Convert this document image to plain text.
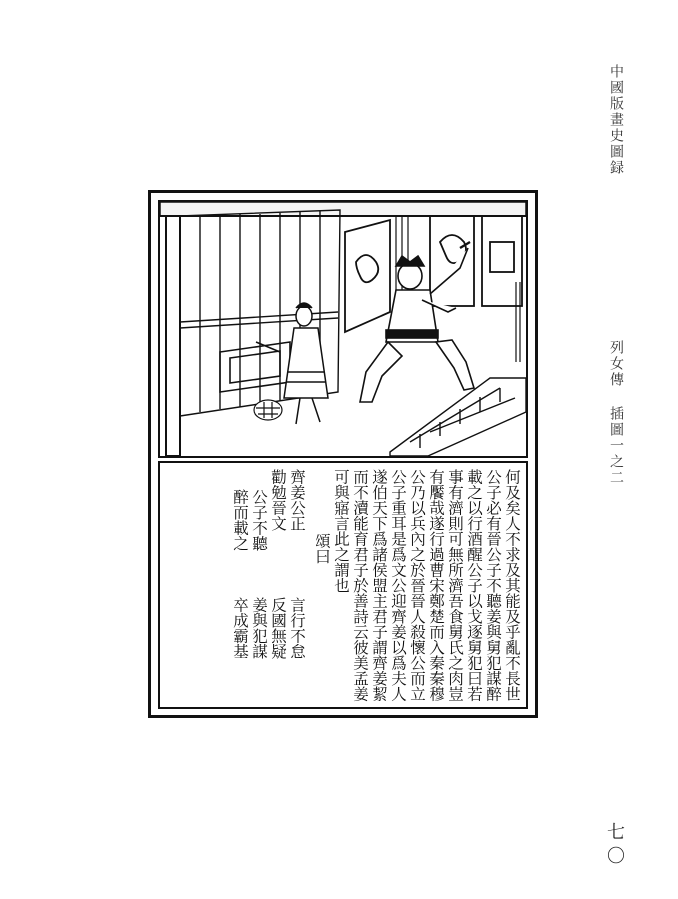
中國版畫史圖録
列女傳 插圖一之二
七〇
何及矣人不求及其能及乎亂不長世
公子必有晉公子不聽姜與舅犯謀醉
載之以行酒醒公子以戈逐舅犯曰若
事有濟則可無所濟吾食舅氏之肉豈
有饜哉遂行過曹宋鄭楚而入秦秦穆
公乃以兵內之於晉晉人殺懷公而立
公子重耳是爲文公迎齊姜以爲夫人
遂伯天下爲諸侯盟主君子謂齊姜絜
而不瀆能育君子於善詩云彼美孟姜
可與寤言此之謂也
頌曰
齊姜公正
言行不怠
勸勉晉文
反國無疑
公子不聽
姜與犯謀
醉而載之
卒成霸基
